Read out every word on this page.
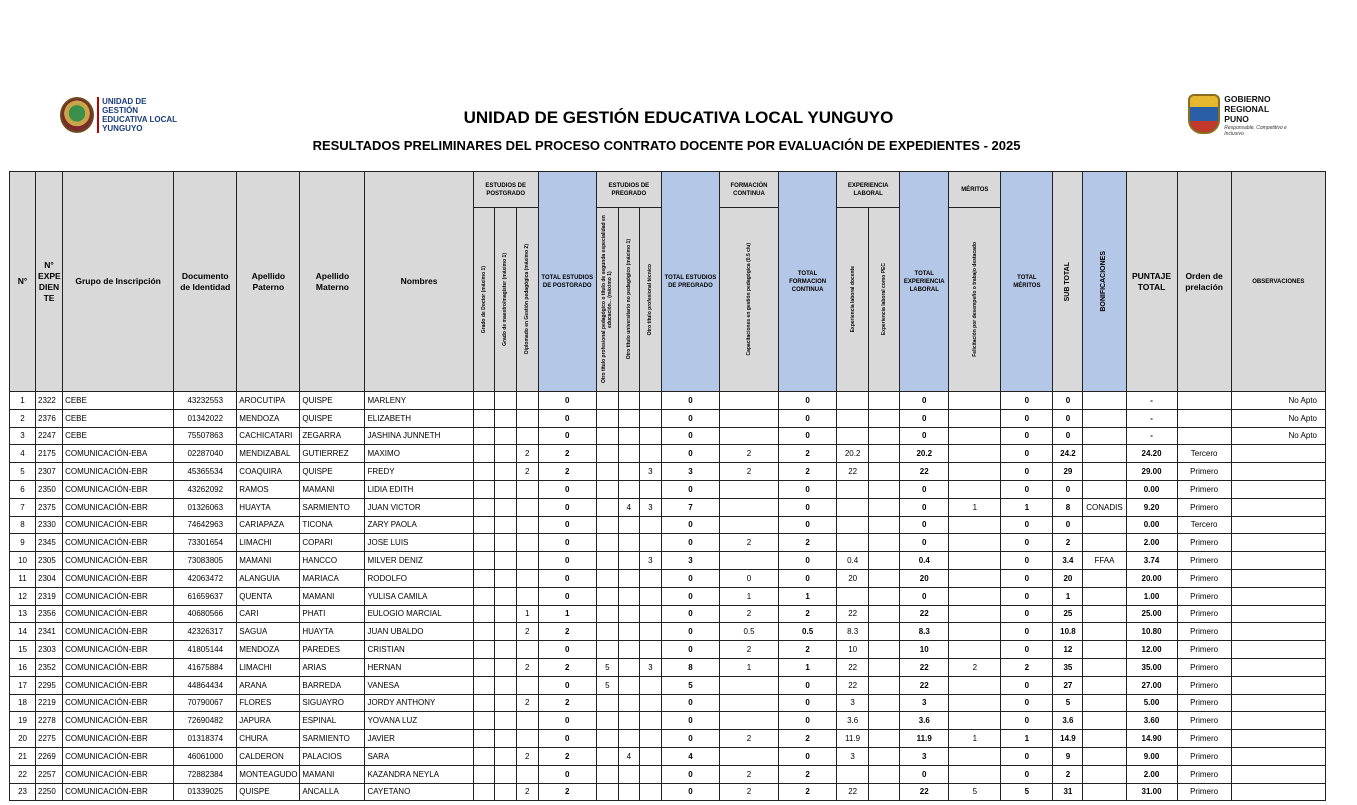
UNIDAD DE GESTIÓN
EDUCATIVA LOCAL
YUNGUYO
GOBIERNO
REGIONAL
PUNO
Responsable, Competitivo e Inclusivo
UNIDAD DE GESTIÓN EDUCATIVA LOCAL YUNGUYO
RESULTADOS PRELIMINARES DEL PROCESO CONTRATO DOCENTE POR EVALUACIÓN DE EXPEDIENTES - 2025
N°	N° EXPE DIEN TE	Grupo de Inscripción	Documento de Identidad	Apellido Paterno	Apellido Materno	Nombres	ESTUDIOS DE POSTGRADO			TOTAL ESTUDIOS DE POSTGRADO	ESTUDIOS DE PREGRADO			TOTAL ESTUDIOS DE PREGRADO	FORMACIÓN CONTINUA	TOTAL FORMACION CONTINUA	EXPERIENCIA LABORAL		TOTAL EXPERIENCIA LABORAL	MÉRITOS	TOTAL MÉRITOS	SUB TOTAL	BONIFICACIONES	PUNTAJE TOTAL	Orden de prelación	OBSERVACIONES

							Grado de Doctor (máximo 1)	Grado de maestro/magíster (máximo 1)	Diplomado en Gestión pedagógica (máximo 2)		Otro título profesional pedagógico o título de segunda especialidad en educación... (máximo 1)	Otro título universitario no pedagógico (máximo 1)	Otro título profesional técnico		Capacitaciones en gestión pedagógica (0.5 c/u)		Experiencia laboral docente	Experiencia laboral como PEC		Felicitación por desempeño o trabajo destacado						

1	2322	CEBE	43232553	AROCUTIPA	QUISPE	MARLENY				0				0		0			0		0	0		-		No Apto
2	2376	CEBE	01342022	MENDOZA	QUISPE	ELIZABETH				0				0		0			0		0	0		-		No Apto
3	2247	CEBE	75507863	CACHICATARI	ZEGARRA	JASHINA JUNNETH				0				0		0			0		0	0		-		No Apto
4	2175	COMUNICACIÓN-EBA	02287040	MENDIZABAL	GUTIERREZ	MAXIMO			2	2				0	2	2	20.2		20.2		0	24.2		24.20	Tercero	
5	2307	COMUNICACIÓN-EBR	45365534	COAQUIRA	QUISPE	FREDY			2	2			3	3	2	2	22		22		0	29		29.00	Primero	
6	2350	COMUNICACIÓN-EBR	43262092	RAMOS	MAMANI	LIDIA EDITH				0				0		0			0		0	0		0.00	Primero	
7	2375	COMUNICACIÓN-EBR	01326063	HUAYTA	SARMIENTO	JUAN VICTOR				0		4	3	7		0			0	1	1	8	CONADIS	9.20	Primero	
8	2330	COMUNICACIÓN-EBR	74642963	CARIAPAZA	TICONA	ZARY PAOLA				0				0		0			0		0	0		0.00	Tercero	
9	2345	COMUNICACIÓN-EBR	73301654	LIMACHI	COPARI	JOSE LUIS				0				0	2	2			0		0	2		2.00	Primero	
10	2305	COMUNICACIÓN-EBR	73083805	MAMANI	HANCCO	MILVER DENIZ				0			3	3		0	0.4		0.4		0	3.4	FFAA	3.74	Primero	
11	2304	COMUNICACIÓN-EBR	42063472	ALANGUIA	MARIACA	RODOLFO				0				0	0	0	20		20		0	20		20.00	Primero	
12	2319	COMUNICACIÓN-EBR	61659637	QUENTA	MAMANI	YULISA CAMILA				0				0	1	1			0		0	1		1.00	Primero	
13	2356	COMUNICACIÓN-EBR	40680566	CARI	PHATI	EULOGIO MARCIAL			1	1				0	2	2	22		22		0	25		25.00	Primero	
14	2341	COMUNICACIÓN-EBR	42326317	SAGUA	HUAYTA	JUAN UBALDO			2	2				0	0.5	0.5	8.3		8.3		0	10.8		10.80	Primero	
15	2303	COMUNICACIÓN-EBR	41805144	MENDOZA	PAREDES	CRISTIAN				0				0	2	2	10		10		0	12		12.00	Primero	
16	2352	COMUNICACIÓN-EBR	41675884	LIMACHI	ARIAS	HERNAN			2	2	5		3	8	1	1	22		22	2	2	35		35.00	Primero	
17	2295	COMUNICACIÓN-EBR	44864434	ARANA	BARREDA	VANESA				0	5			5		0	22		22		0	27		27.00	Primero	
18	2219	COMUNICACIÓN-EBR	70790067	FLORES	SIGUAYRO	JORDY ANTHONY			2	2				0		0	3		3		0	5		5.00	Primero	
19	2278	COMUNICACIÓN-EBR	72690482	JAPURA	ESPINAL	YOVANA LUZ				0				0		0	3.6		3.6		0	3.6		3.60	Primero	
20	2275	COMUNICACIÓN-EBR	01318374	CHURA	SARMIENTO	JAVIER				0				0	2	2	11.9		11.9	1	1	14.9		14.90	Primero	
21	2269	COMUNICACIÓN-EBR	46061000	CALDERON	PALACIOS	SARA			2	2		4		4		0	3		3		0	9		9.00	Primero	
22	2257	COMUNICACIÓN-EBR	72882384	MONTEAGUDO	MAMANI	KAZANDRA NEYLA				0				0	2	2			0		0	2		2.00	Primero	
23	2250	COMUNICACIÓN-EBR	01339025	QUISPE	ANCALLA	CAYETANO			2	2				0	2	2	22		22	5	5	31		31.00	Primero	
